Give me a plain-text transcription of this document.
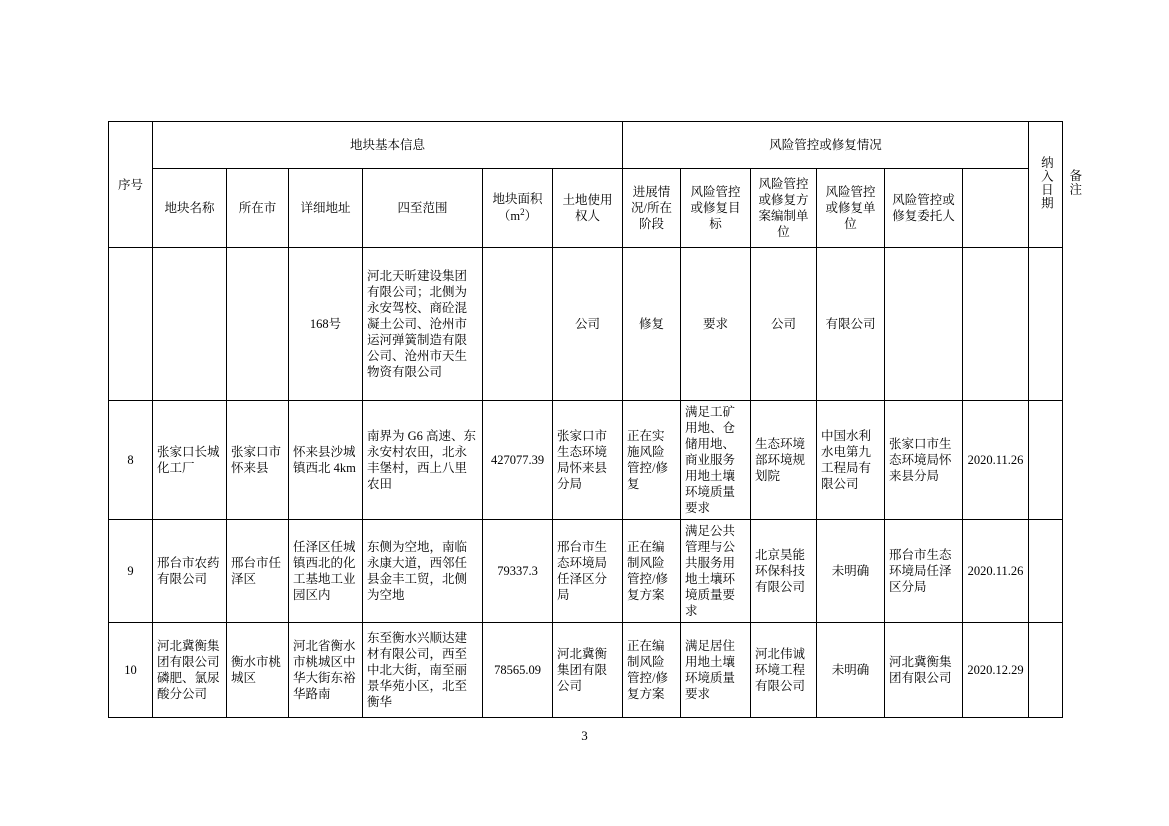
序号	地块基本信息						风险管控或修复情况						纳入日期	备注
	地块名称	所在市	详细地址	四至范围	地块面积$(m^2)$	土地使用权人	进展情况/所在阶段	风险管控或修复目标	风险管控或修复方案编制单位	风险管控或修复单位	风险管控或修复委托人			
			168号	河北天昕建设集团有限公司；北侧为永安驾校、商砼混凝土公司、沧州市运河弹簧制造有限公司、沧州市天生物资有限公司		公司	修复	要求	公司	有限公司				
8	张家口长城化工厂	张家口市怀来县	怀来县沙城镇西北 4km	南界为 G6 高速、东永安村农田，北永丰堡村，西上八里农田	427077.39	张家口市生态环境局怀来县分局	正在实施风险管控/修复	满足工矿用地、仓储用地、商业服务用地土壤环境质量要求	生态环境部环境规划院	中国水利水电第九工程局有限公司	张家口市生态环境局怀来县分局	2020.11.26		
9	邢台市农药有限公司	邢台市任泽区	任泽区任城镇西北的化工基地工业园区内	东侧为空地，南临永康大道，西邻任县金丰工贸，北侧为空地	79337.3	邢台市生态环境局任泽区分局	正在编制风险管控/修复方案	满足公共管理与公共服务用地土壤环境质量要求	北京昊能环保科技有限公司	未明确	邢台市生态环境局任泽区分局	2020.11.26		
10	河北冀衡集团有限公司磷肥、氯尿酸分公司	衡水市桃城区	河北省衡水市桃城区中华大街东裕华路南	东至衡水兴顺达建材有限公司，西至中北大街，南至丽景华苑小区，北至衡华	78565.09	河北冀衡集团有限公司	正在编制风险管控/修复方案	满足居住用地土壤环境质量要求	河北伟诚环境工程有限公司	未明确	河北冀衡集团有限公司	2020.12.29		
3
